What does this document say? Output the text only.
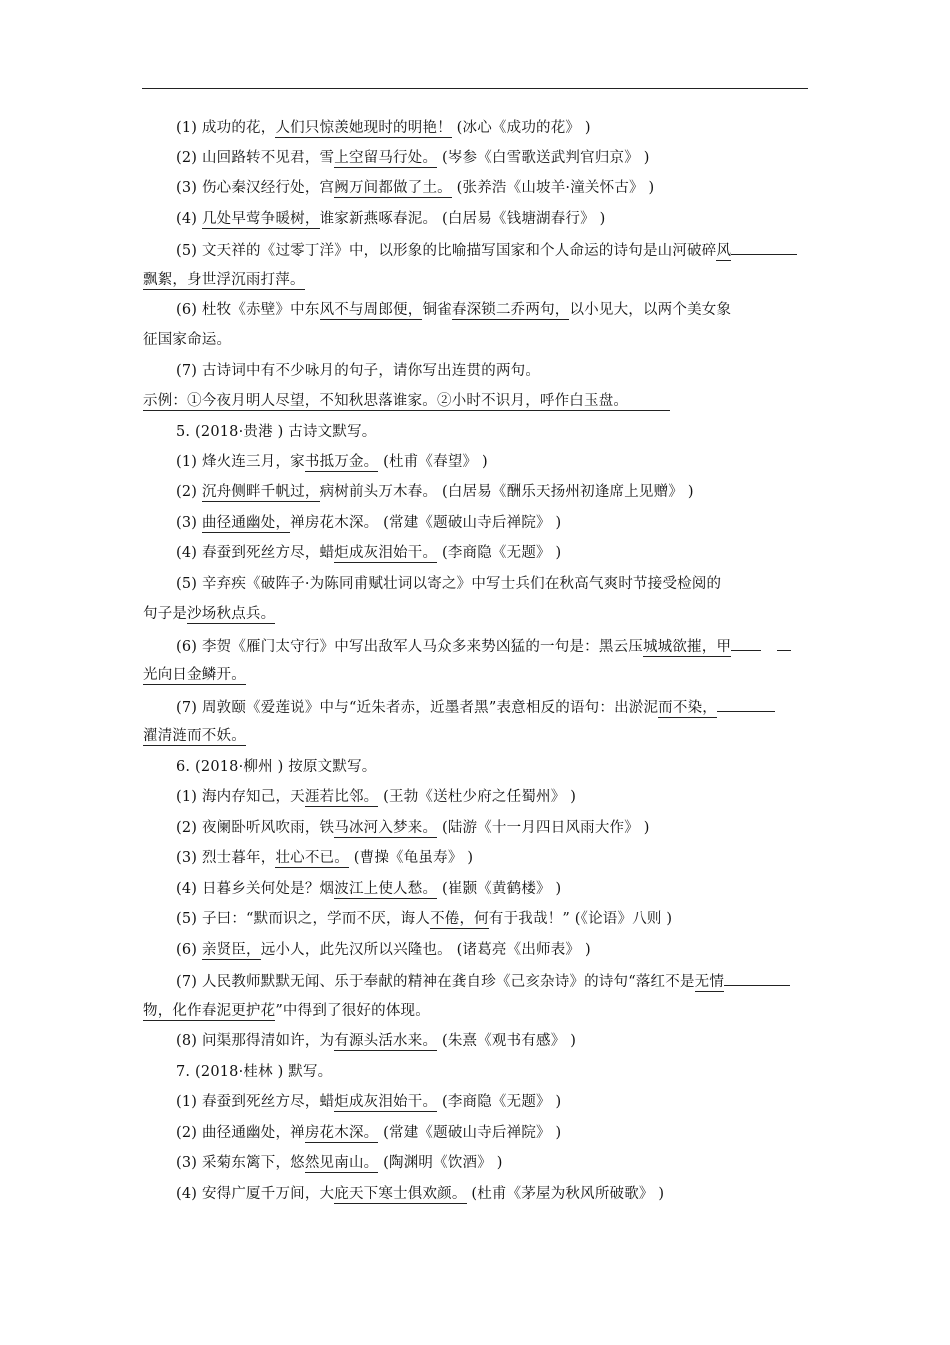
(1) 成功的花，人们只惊羡她现时的明艳！ (冰心《成功的花》 )
(2) 山回路转不见君，雪上空留马行处。 (岑参《白雪歌送武判官归京》 )
(3) 伤心秦汉经行处，宫阙万间都做了土。 (张养浩《山坡羊·潼关怀古》 )
(4) 几处早莺争暖树，谁家新燕啄春泥。 (白居易《钱塘湖春行》 )
(5) 文天祥的《过零丁洋》中，以形象的比喻描写国家和个人命运的诗句是山河破碎风
飘絮，身世浮沉雨打萍。
(6) 杜牧《赤壁》中东风不与周郎便，铜雀春深锁二乔两句，以小见大，以两个美女象
征国家命运。
(7) 古诗词中有不少咏月的句子，请你写出连贯的两句。
示例：①今夜月明人尽望，不知秋思落谁家。②小时不识月，呼作白玉盘。
5. (2018·贵港 ) 古诗文默写。
(1) 烽火连三月，家书抵万金。 (杜甫《春望》 )
(2) 沉舟侧畔千帆过，病树前头万木春。 (白居易《酬乐天扬州初逢席上见赠》 )
(3) 曲径通幽处，禅房花木深。 (常建《题破山寺后禅院》 )
(4) 春蚕到死丝方尽，蜡炬成灰泪始干。 (李商隐《无题》 )
(5) 辛弃疾《破阵子·为陈同甫赋壮词以寄之》中写士兵们在秋高气爽时节接受检阅的
句子是沙场秋点兵。
(6) 李贺《雁门太守行》中写出敌军人马众多来势凶猛的一句是：黑云压城城欲摧，甲
光向日金鳞开。
(7) 周敦颐《爱莲说》中与“近朱者赤，近墨者黑”表意相反的语句：出淤泥而不染，
濯清涟而不妖。
6. (2018·柳州 ) 按原文默写。
(1) 海内存知己，天涯若比邻。 (王勃《送杜少府之任蜀州》 )
(2) 夜阑卧听风吹雨，铁马冰河入梦来。 (陆游《十一月四日风雨大作》 )
(3) 烈士暮年，壮心不已。 (曹操《龟虽寿》 )
(4) 日暮乡关何处是？烟波江上使人愁。 (崔颢《黄鹤楼》 )
(5) 子曰：“默而识之，学而不厌，诲人不倦，何有于我哉！” (《论语》八则 )
(6) 亲贤臣，远小人，此先汉所以兴隆也。 (诸葛亮《出师表》 )
(7) 人民教师默默无闻、乐于奉献的精神在龚自珍《己亥杂诗》的诗句“落红不是无情
物，化作春泥更护花”中得到了很好的体现。
(8) 问渠那得清如许，为有源头活水来。 (朱熹《观书有感》 )
7. (2018·桂林 ) 默写。
(1) 春蚕到死丝方尽，蜡炬成灰泪始干。 (李商隐《无题》 )
(2) 曲径通幽处，禅房花木深。 (常建《题破山寺后禅院》 )
(3) 采菊东篱下，悠然见南山。 (陶渊明《饮酒》 )
(4) 安得广厦千万间，大庇天下寒士俱欢颜。 (杜甫《茅屋为秋风所破歌》 )
